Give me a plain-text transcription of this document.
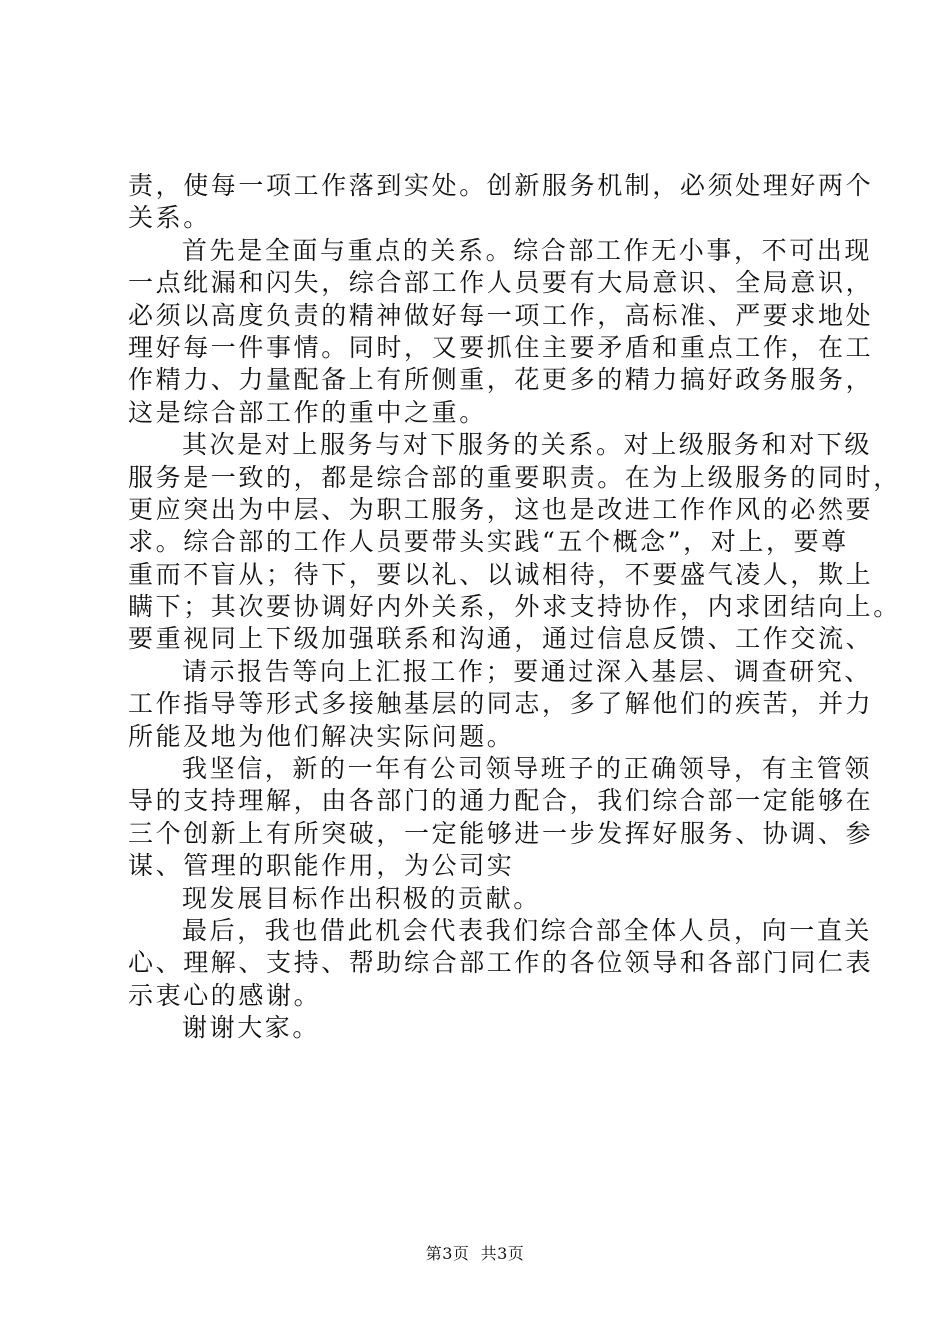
责，使每一项工作落到实处。创新服务机制，必须处理好两个
关系。
首先是全面与重点的关系。综合部工作无小事，不可出现
一点纰漏和闪失，综合部工作人员要有大局意识、全局意识，
必须以高度负责的精神做好每一项工作，高标准、严要求地处
理好每一件事情。同时，又要抓住主要矛盾和重点工作，在工
作精力、力量配备上有所侧重，花更多的精力搞好政务服务，
这是综合部工作的重中之重。
其次是对上服务与对下服务的关系。对上级服务和对下级
服务是一致的，都是综合部的重要职责。在为上级服务的同时，
更应突出为中层、为职工服务，这也是改进工作作风的必然要
求。综合部的工作人员要带头实践“五个概念”，对上，要尊
重而不盲从；待下，要以礼、以诚相待，不要盛气凌人，欺上
瞒下；其次要协调好内外关系，外求支持协作，内求团结向上。
要重视同上下级加强联系和沟通，通过信息反馈、工作交流、
请示报告等向上汇报工作；要通过深入基层、调查研究、
工作指导等形式多接触基层的同志，多了解他们的疾苦，并力
所能及地为他们解决实际问题。
我坚信，新的一年有公司领导班子的正确领导，有主管领
导的支持理解，由各部门的通力配合，我们综合部一定能够在
三个创新上有所突破，一定能够进一步发挥好服务、协调、参
谋、管理的职能作用，为公司实
现发展目标作出积极的贡献。
最后，我也借此机会代表我们综合部全体人员，向一直关
心、理解、支持、帮助综合部工作的各位领导和各部门同仁表
示衷心的感谢。
谢谢大家。
第3页  共3页
